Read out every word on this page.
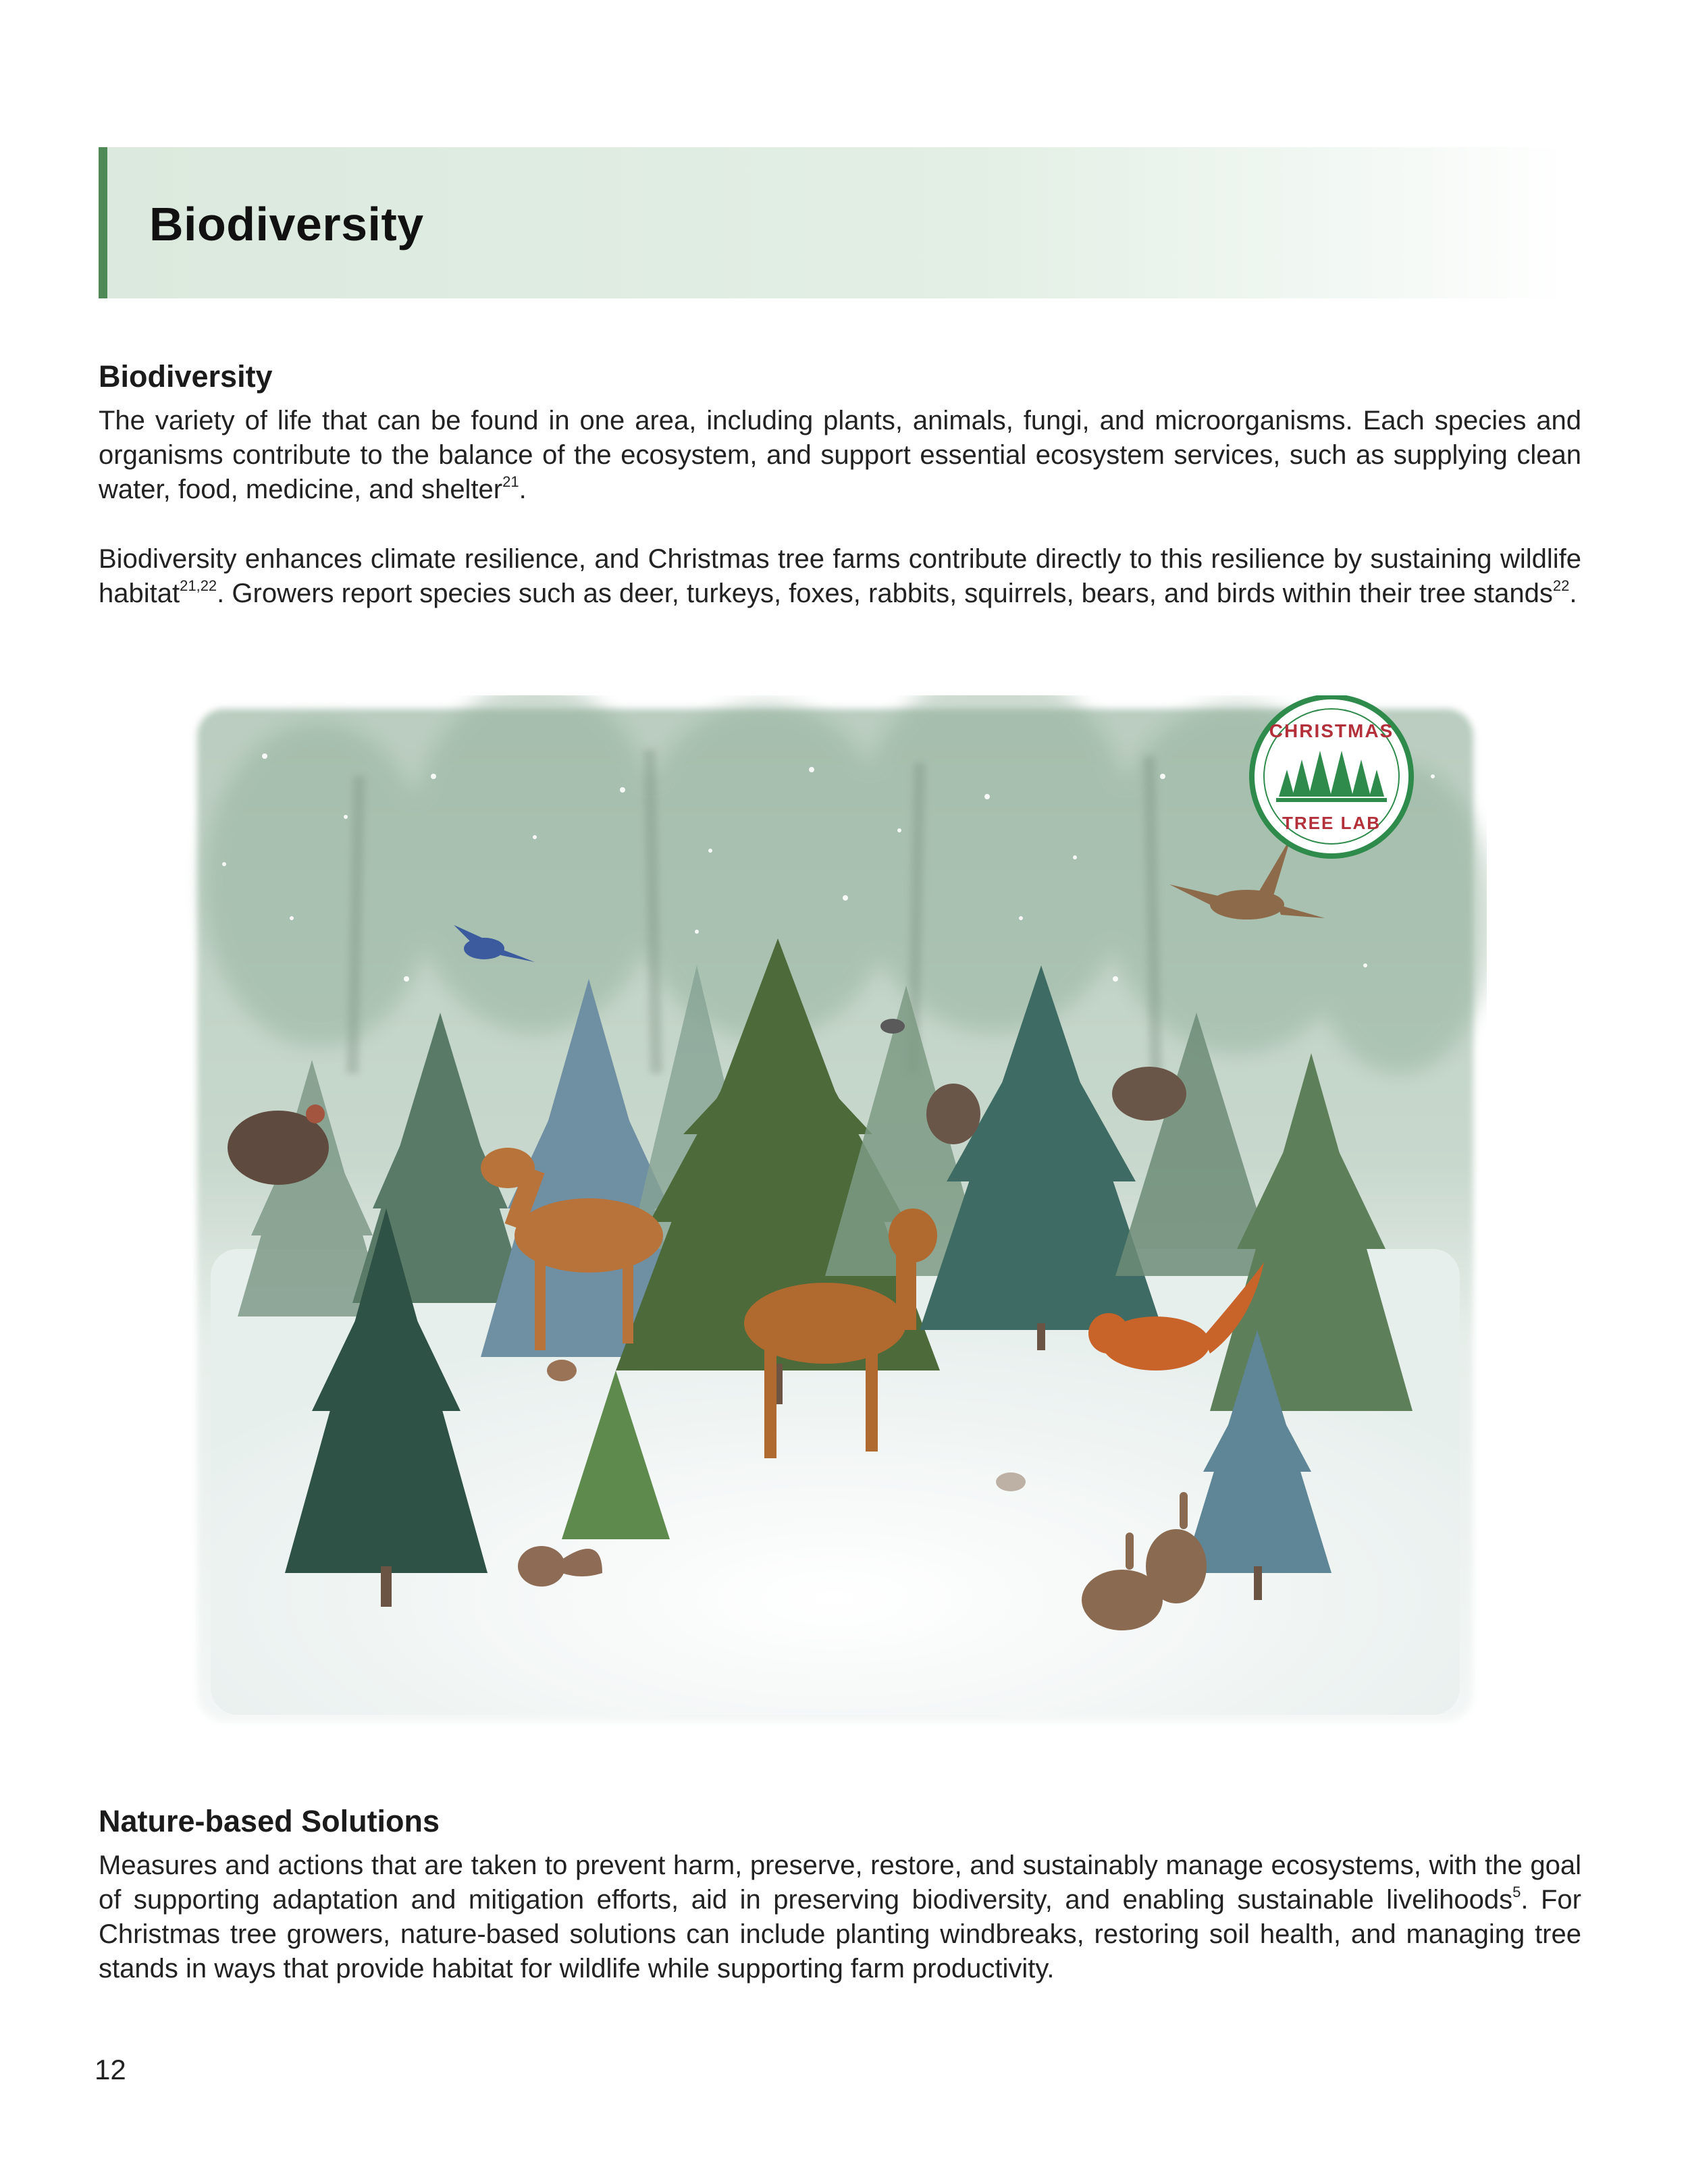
Biodiversity
Biodiversity

The variety of life that can be found in one area, including plants, animals, fungi, and microorganisms. Each species and organisms contribute to the balance of the ecosystem, and support essential ecosystem services, such as supplying clean water, food, medicine, and shelter$^{21}$.

Biodiversity enhances climate resilience, and Christmas tree farms contribute directly to this resilience by sustaining wildlife habitat$^{21,22}$. Growers report species such as deer, turkeys, foxes, rabbits, squirrels, bears, and birds within their tree stands$^{22}$.

CHRISTMAS
TREE LAB
Nature-based Solutions

Measures and actions that are taken to prevent harm, preserve, restore, and sustainably manage ecosystems, with the goal of supporting adaptation and mitigation efforts, aid in preserving biodiversity, and enabling sustainable livelihoods$^5$. For Christmas tree growers, nature-based solutions can include planting windbreaks, restoring soil health, and managing tree stands in ways that provide habitat for wildlife while supporting farm productivity.

12
